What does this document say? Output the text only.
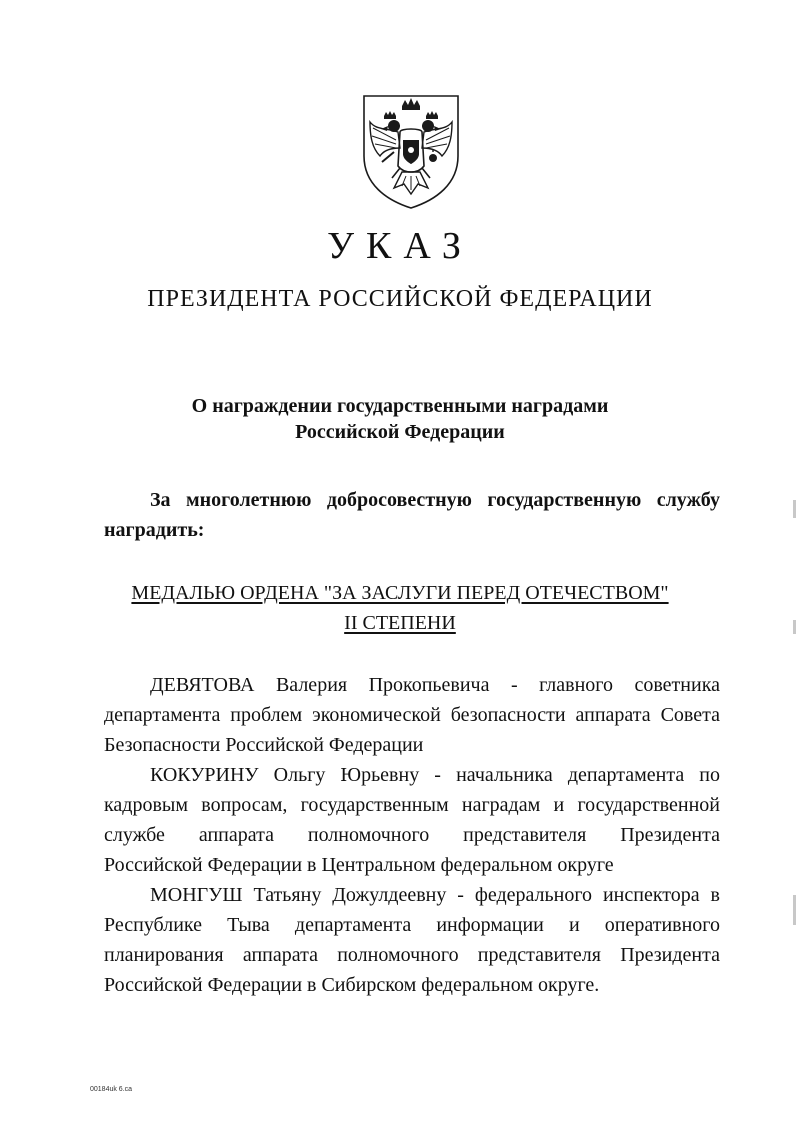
УКАЗ
ПРЕЗИДЕНТА РОССИЙСКОЙ ФЕДЕРАЦИИ
О награждении государственными наградами
Российской Федерации
За многолетнюю добросовестную государственную службу
наградить:
МЕДАЛЬЮ ОРДЕНА "ЗА ЗАСЛУГИ ПЕРЕД ОТЕЧЕСТВОМ"
II СТЕПЕНИ
ДЕВЯТОВА Валерия Прокопьевича - главного советника
департамента проблем экономической безопасности аппарата Совета
Безопасности Российской Федерации
КОКУРИНУ Ольгу Юрьевну - начальника департамента по
кадровым вопросам, государственным наградам и государственной
службе аппарата полномочного представителя Президента
Российской Федерации в Центральном федеральном округе
МОНГУШ Татьяну Дожулдеевну - федерального инспектора в
Республике Тыва департамента информации и оперативного
планирования аппарата полномочного представителя Президента
Российской Федерации в Сибирском федеральном округе.
00184uk 6.ca
